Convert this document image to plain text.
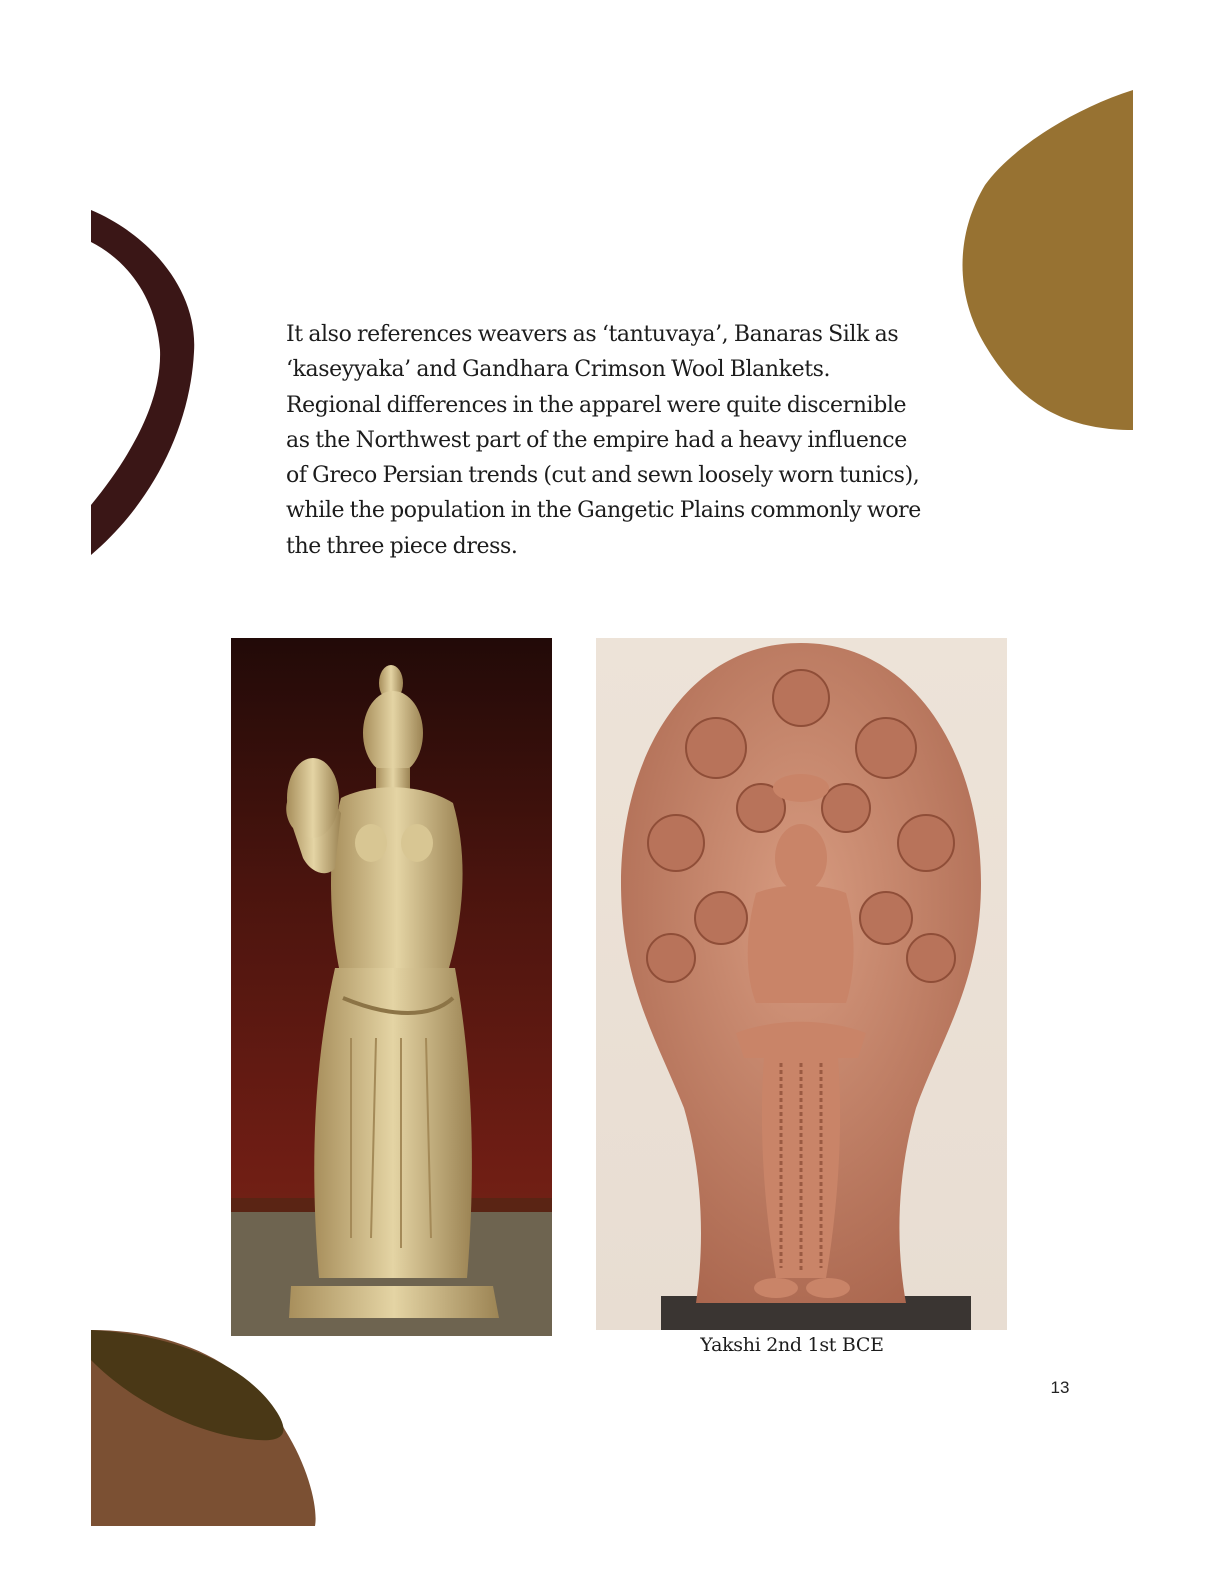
It also references weavers as ‘tantuvaya’, Banaras Silk as ‘kaseyyaka’ and Gandhara Crimson Wool Blankets. Regional differences in the apparel were quite discernible as the Northwest part of the empire had a heavy influence of Greco Persian trends (cut and sewn loosely worn tunics), while the population in the Gangetic Plains commonly wore the three piece dress.

Yakshi 2nd 1st BCE
13
